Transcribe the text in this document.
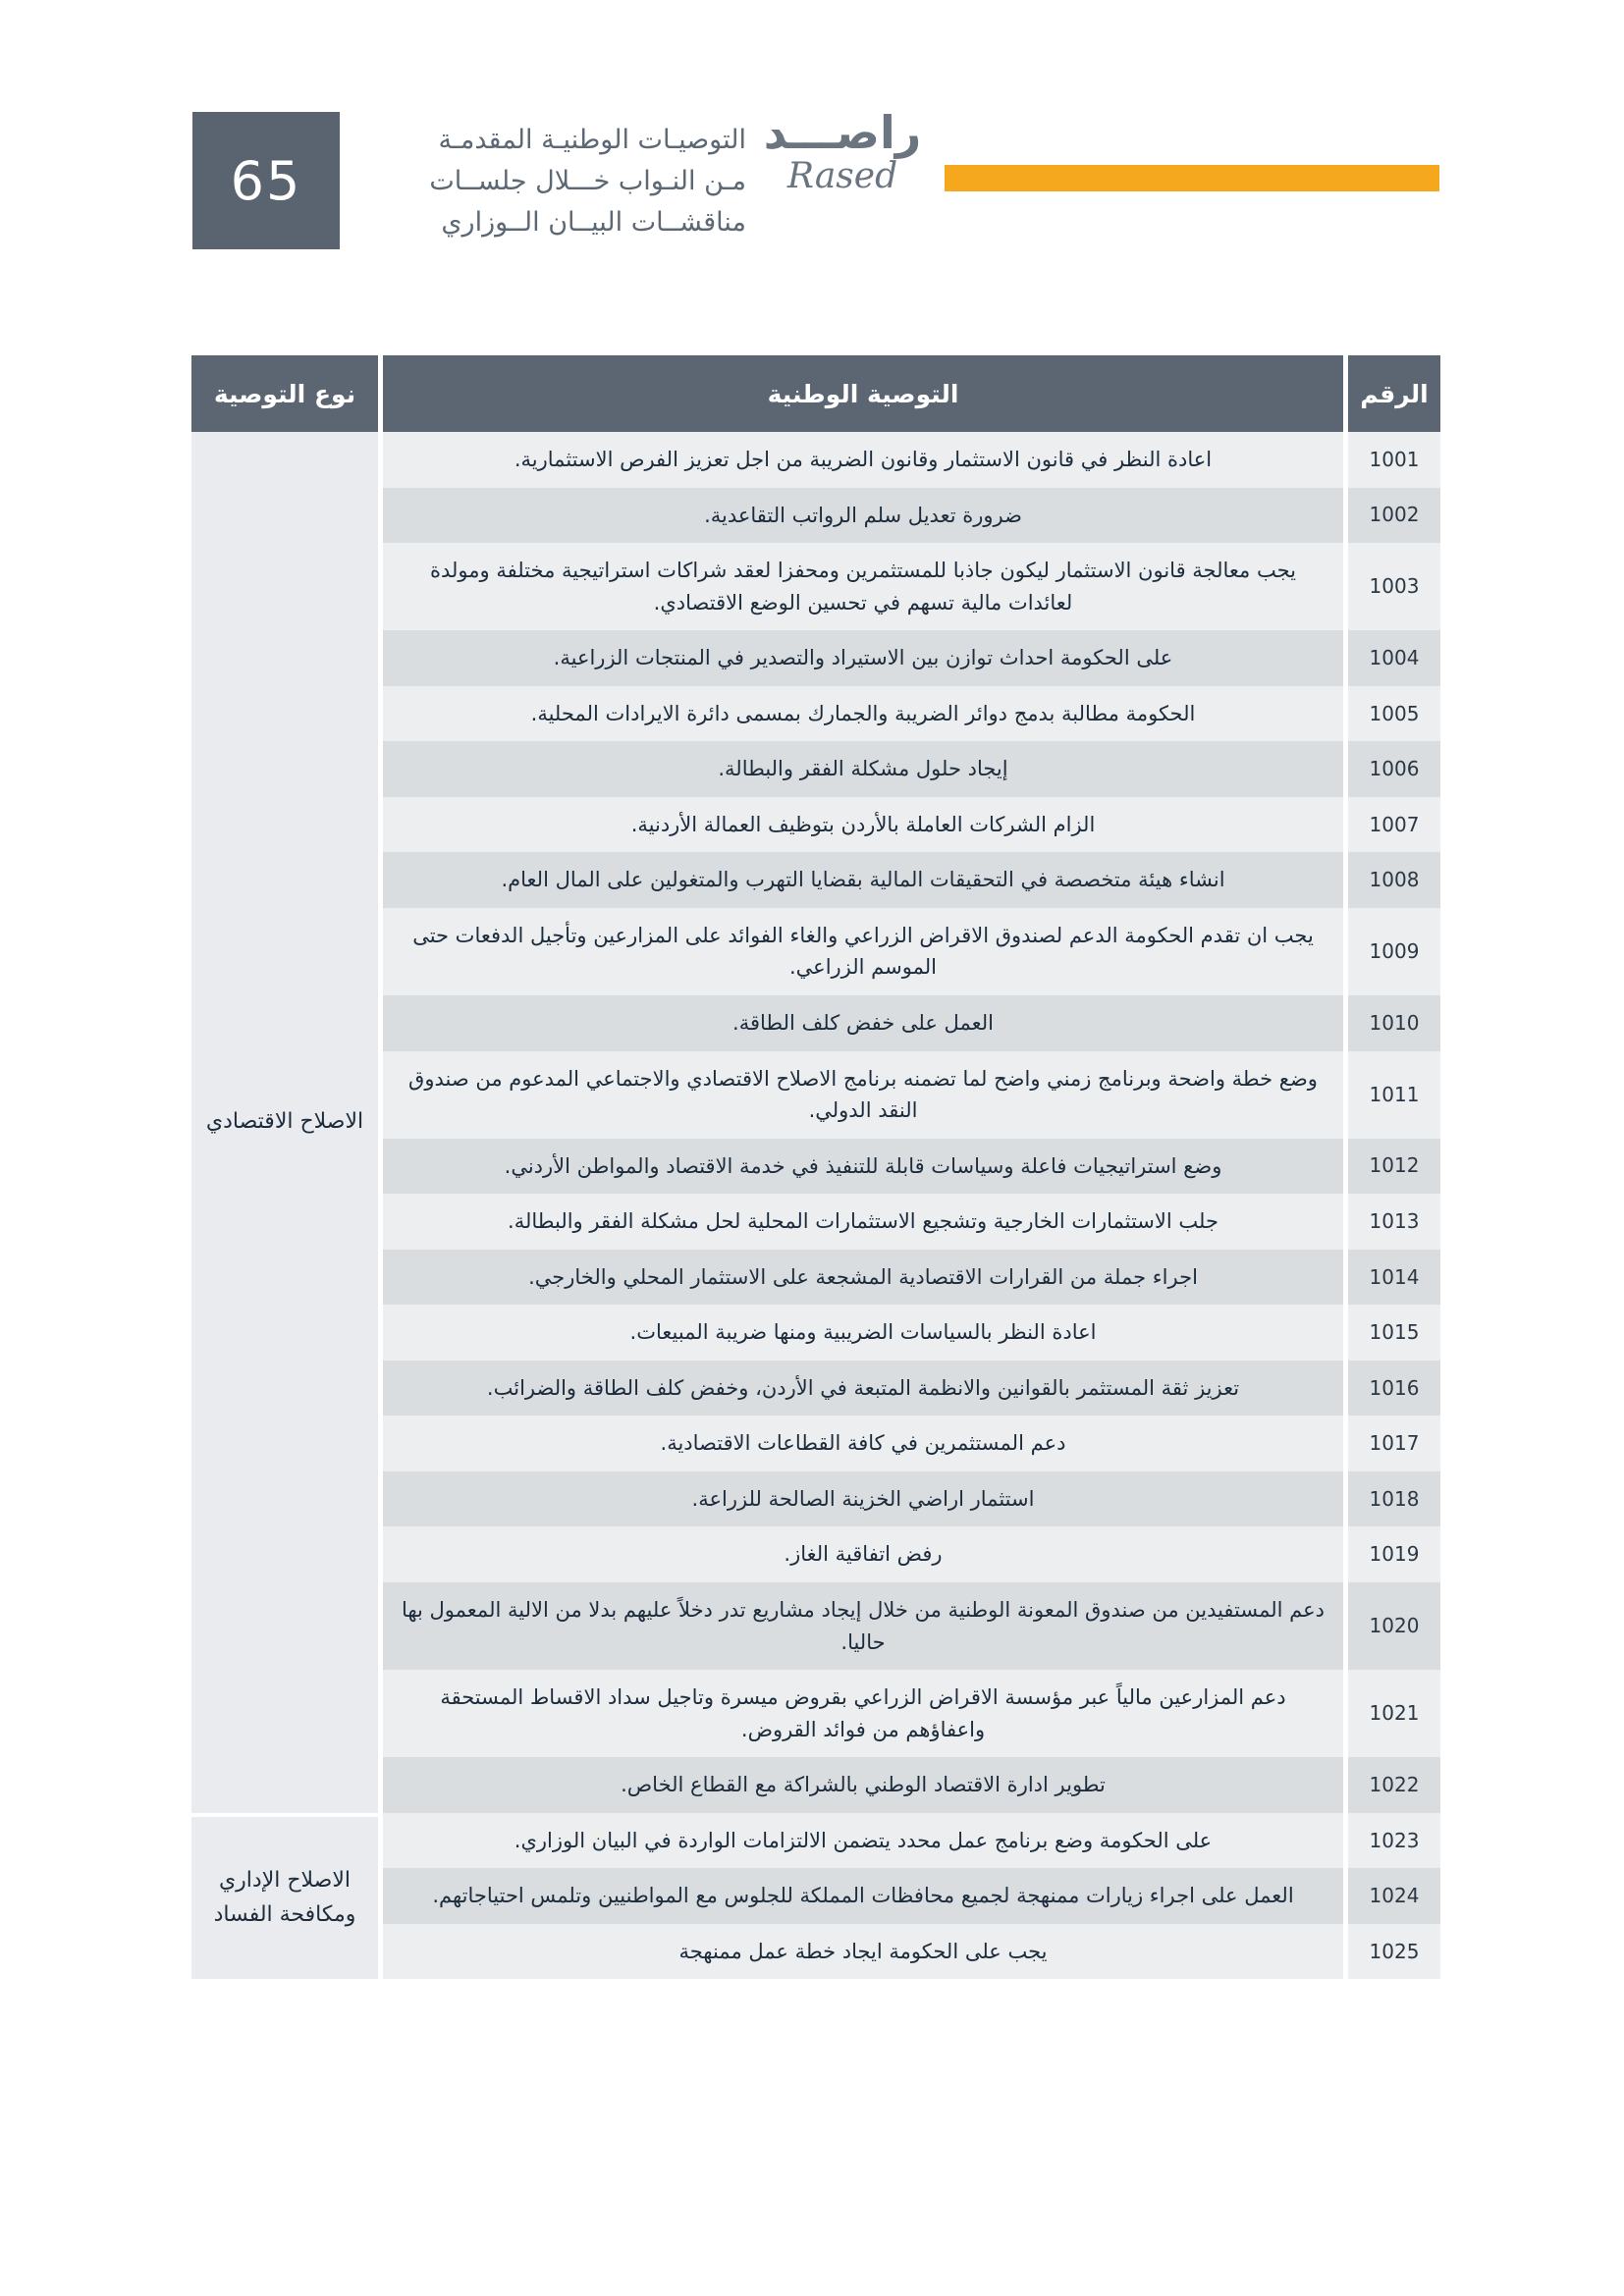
65
التوصيـات الوطنيـة المقدمـة
مـن النـواب خـــلال جلســات
مناقشــات البيــان الــوزاري
راصـــد
Rased
الرقم	التوصية الوطنية	نوع التوصية
1001	اعادة النظر في قانون الاستثمار وقانون الضريبة من اجل تعزيز الفرص الاستثمارية.	الاصلاح الاقتصادي
1002	ضرورة تعديل سلم الرواتب التقاعدية.	
1003	يجب معالجة قانون الاستثمار ليكون جاذبا للمستثمرين ومحفزا لعقد شراكات استراتيجية مختلفة ومولدة لعائدات مالية تسهم في تحسين الوضع الاقتصادي.	
1004	على الحكومة احداث توازن بين الاستيراد والتصدير في المنتجات الزراعية.	
1005	الحكومة مطالبة بدمج دوائر الضريبة والجمارك بمسمى دائرة الايرادات المحلية.	
1006	إيجاد حلول مشكلة الفقر والبطالة.	
1007	الزام الشركات العاملة بالأردن بتوظيف العمالة الأردنية.	
1008	انشاء هيئة متخصصة في التحقيقات المالية بقضايا التهرب والمتغولين على المال العام.	
1009	يجب ان تقدم الحكومة الدعم لصندوق الاقراض الزراعي والغاء الفوائد على المزارعين وتأجيل الدفعات حتى الموسم الزراعي.	
1010	العمل على خفض كلف الطاقة.	
1011	وضع خطة واضحة وبرنامج زمني واضح لما تضمنه برنامج الاصلاح الاقتصادي والاجتماعي المدعوم من صندوق النقد الدولي.	
1012	وضع استراتيجيات فاعلة وسياسات قابلة للتنفيذ في خدمة الاقتصاد والمواطن الأردني.	
1013	جلب الاستثمارات الخارجية وتشجيع الاستثمارات المحلية لحل مشكلة الفقر والبطالة.	
1014	اجراء جملة من القرارات الاقتصادية المشجعة على الاستثمار المحلي والخارجي.	
1015	اعادة النظر بالسياسات الضريبية ومنها ضريبة المبيعات.	
1016	تعزيز ثقة المستثمر بالقوانين والانظمة المتبعة في الأردن، وخفض كلف الطاقة والضرائب.	
1017	دعم المستثمرين في كافة القطاعات الاقتصادية.	
1018	استثمار اراضي الخزينة الصالحة للزراعة.	
1019	رفض اتفاقية الغاز.	
1020	دعم المستفيدين من صندوق المعونة الوطنية من خلال إيجاد مشاريع تدر دخلاً عليهم بدلا من الالية المعمول بها حاليا.	
1021	دعم المزارعين مالياً عبر مؤسسة الاقراض الزراعي بقروض ميسرة وتاجيل سداد الاقساط المستحقة واعفاؤهم من فوائد القروض.	
1022	تطوير ادارة الاقتصاد الوطني بالشراكة مع القطاع الخاص.	
1023	على الحكومة وضع برنامج عمل محدد يتضمن الالتزامات الواردة في البيان الوزاري.	الاصلاح الإداري ومكافحة الفساد
1024	العمل على اجراء زيارات ممنهجة لجميع محافظات المملكة للجلوس مع المواطنيين وتلمس احتياجاتهم.	
1025	يجب على الحكومة ايجاد خطة عمل ممنهجة	
